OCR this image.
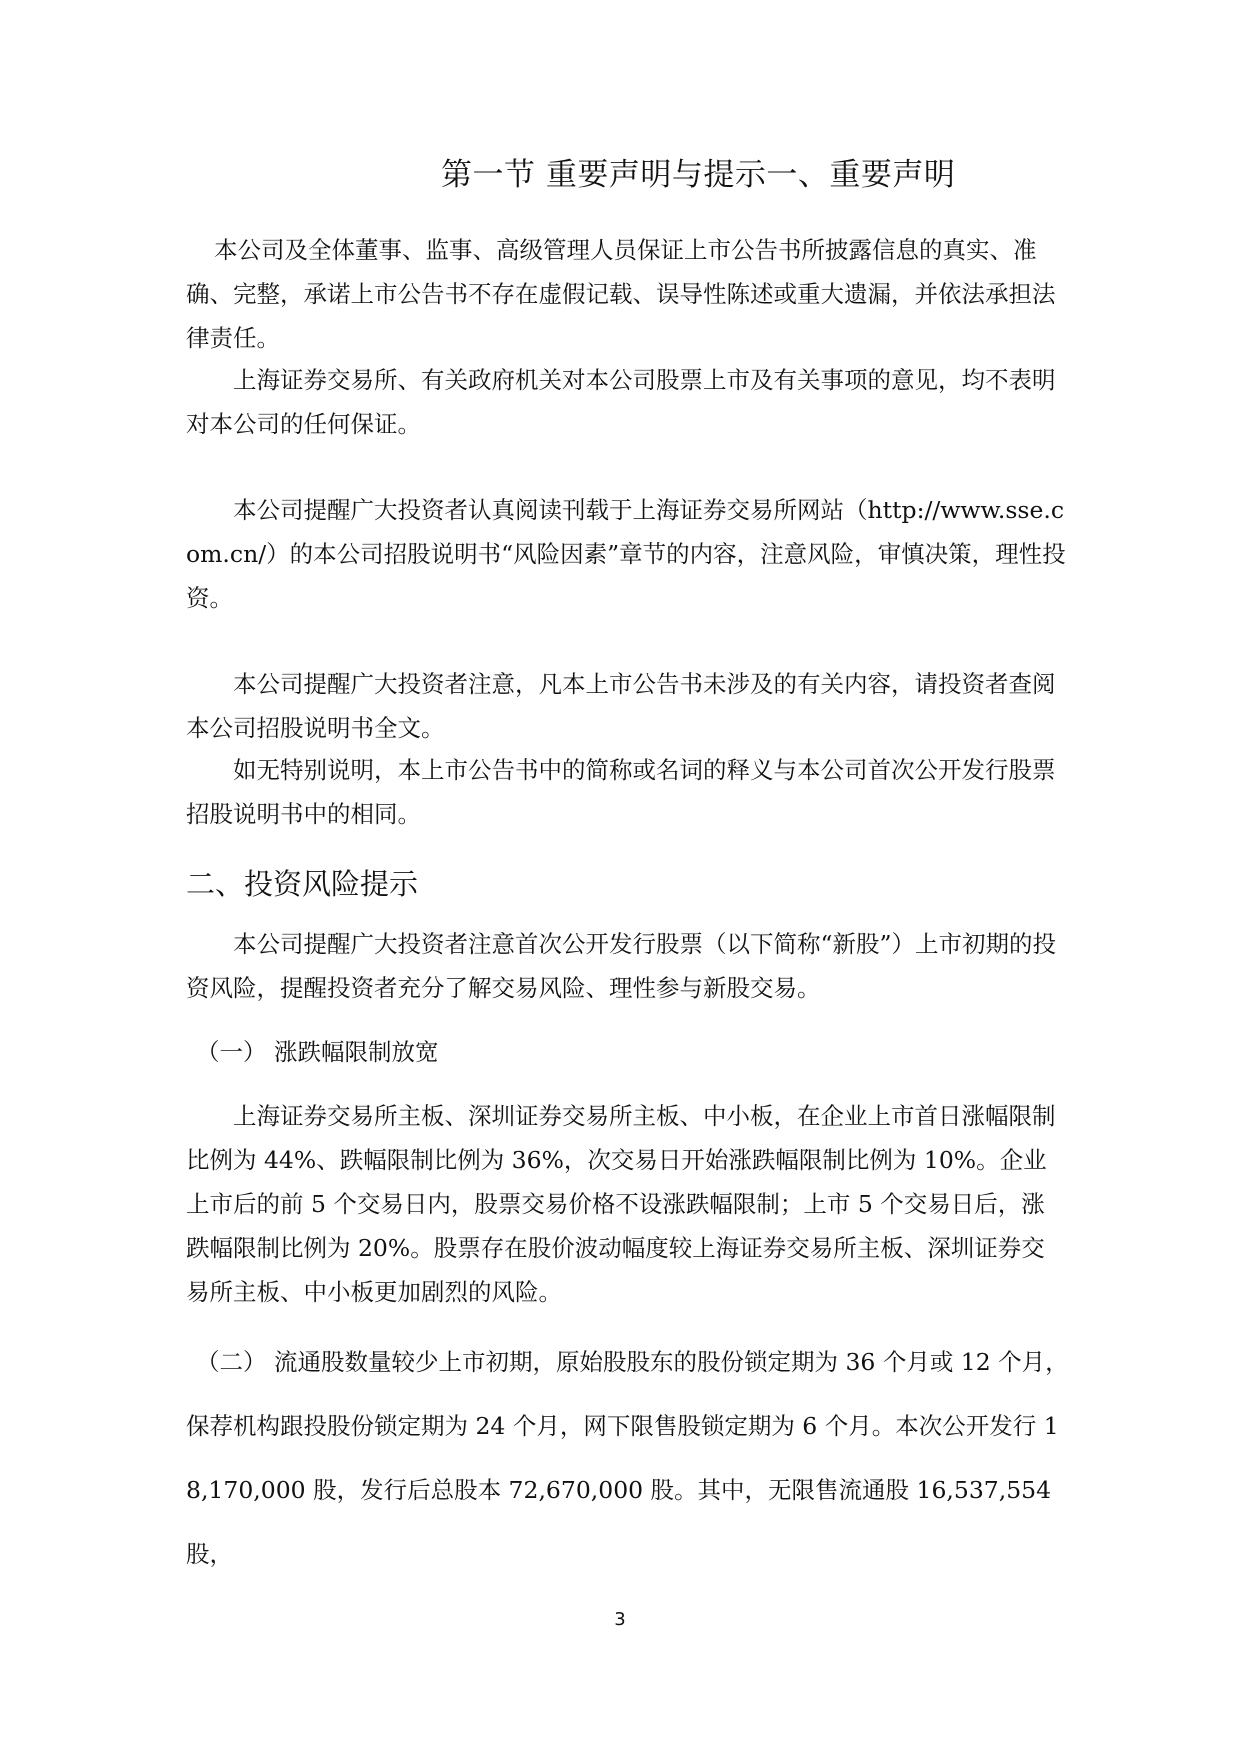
第一节 重要声明与提示一、重要声明

本公司及全体董事、监事、高级管理人员保证上市公告书所披露信息的真实、准确、完整，承诺上市公告书不存在虚假记载、误导性陈述或重大遗漏，并依法承担法律责任。

上海证券交易所、有关政府机关对本公司股票上市及有关事项的意见，均不表明对本公司的任何保证。

本公司提醒广大投资者认真阅读刊载于上海证券交易所网站（http://www.sse.com.cn/）的本公司招股说明书“风险因素”章节的内容，注意风险，审慎决策，理性投资。

本公司提醒广大投资者注意，凡本上市公告书未涉及的有关内容，请投资者查阅本公司招股说明书全文。

如无特别说明，本上市公告书中的简称或名词的释义与本公司首次公开发行股票招股说明书中的相同。

二、投资风险提示

本公司提醒广大投资者注意首次公开发行股票（以下简称“新股”）上市初期的投资风险，提醒投资者充分了解交易风险、理性参与新股交易。

（一） 涨跌幅限制放宽

上海证券交易所主板、深圳证券交易所主板、中小板，在企业上市首日涨幅限制比例为 44%、跌幅限制比例为 36%，次交易日开始涨跌幅限制比例为 10%。企业上市后的前 5 个交易日内，股票交易价格不设涨跌幅限制；上市 5 个交易日后，涨跌幅限制比例为 20%。股票存在股价波动幅度较上海证券交易所主板、深圳证券交易所主板、中小板更加剧烈的风险。

（二） 流通股数量较少上市初期，原始股股东的股份锁定期为 36 个月或 12 个月，保荐机构跟投股份锁定期为 24 个月，网下限售股锁定期为 6 个月。本次公开发行 18,170,000 股，发行后总股本 72,670,000 股。其中，无限售流通股 16,537,554 股，

3
